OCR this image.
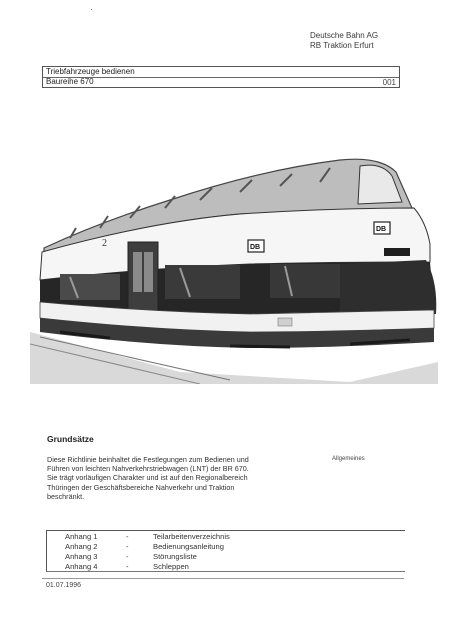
Deutsche Bahn AG
RB Traktion Erfurt
Triebfahrzeuge bedienen
Baureihe 670	001
2	DB
DB
Grundsätze
Allgemeines
Diese Richtlinie beinhaltet die Festlegungen zum Bedienen und
Führen von leichten Nahverkehrstriebwagen (LNT) der BR 670.
Sie trägt vorläufigen Charakter und ist auf den Regionalbereich
Thüringen der Geschäftsbereiche Nahverkehr und Traktion
beschränkt.
Anhang 1	-	Teilarbeitenverzeichnis
Anhang 2	-	Bedienungsanleitung
Anhang 3	-	Störungsliste
Anhang 4	-	Schleppen
01.07.1996
